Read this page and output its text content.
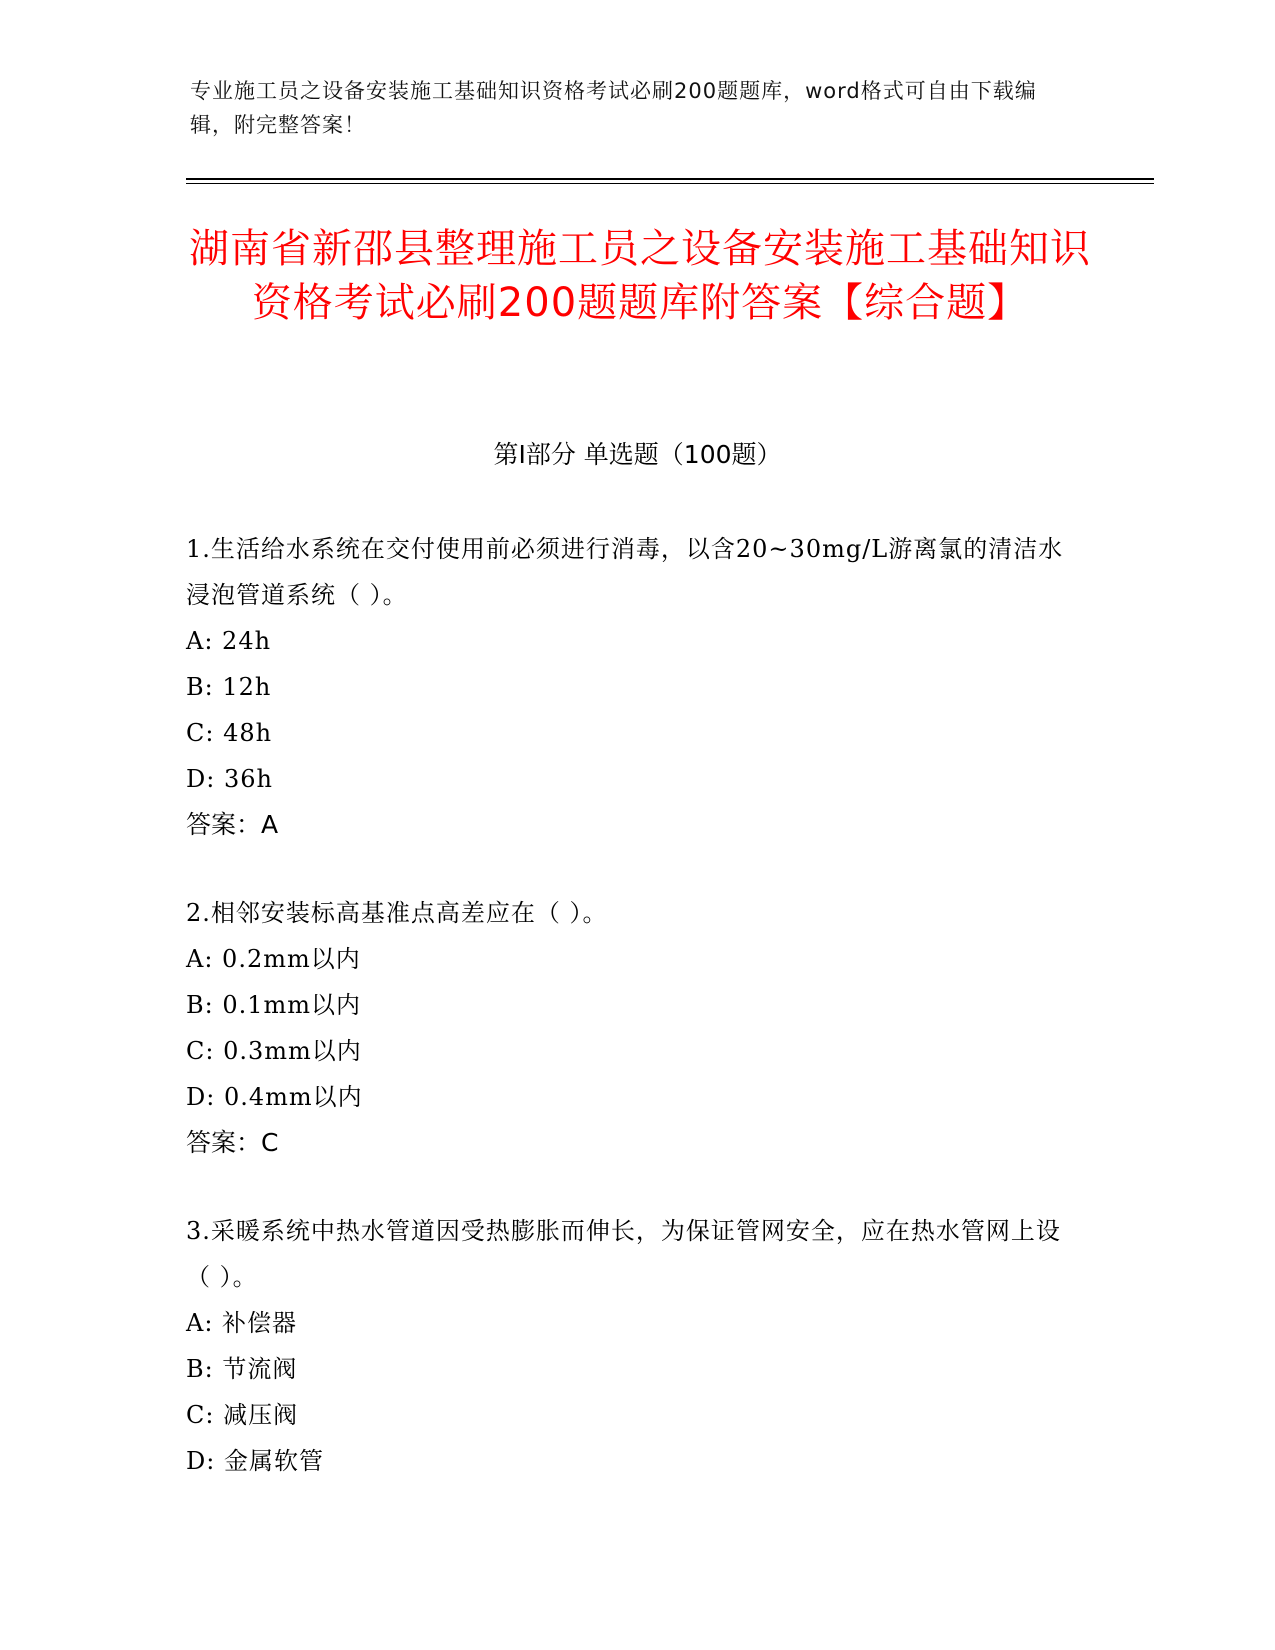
专业施工员之设备安装施工基础知识资格考试必刷200题题库，word格式可自由下载编辑，附完整答案！
湖南省新邵县整理施工员之设备安装施工基础知识资格考试必刷200题题库附答案【综合题】
第Ⅰ部分 单选题（100题）
1.生活给水系统在交付使用前必须进行消毒，以含20~30mg/L游离氯的清洁水浸泡管道系统（ ）。
A: 24h
B: 12h
C: 48h
D: 36h
答案：A
2.相邻安装标高基准点高差应在（ ）。
A: 0.2mm以内
B: 0.1mm以内
C: 0.3mm以内
D: 0.4mm以内
答案：C
3.采暖系统中热水管道因受热膨胀而伸长，为保证管网安全，应在热水管网上设（ ）。
A: 补偿器
B: 节流阀
C: 减压阀
D: 金属软管
